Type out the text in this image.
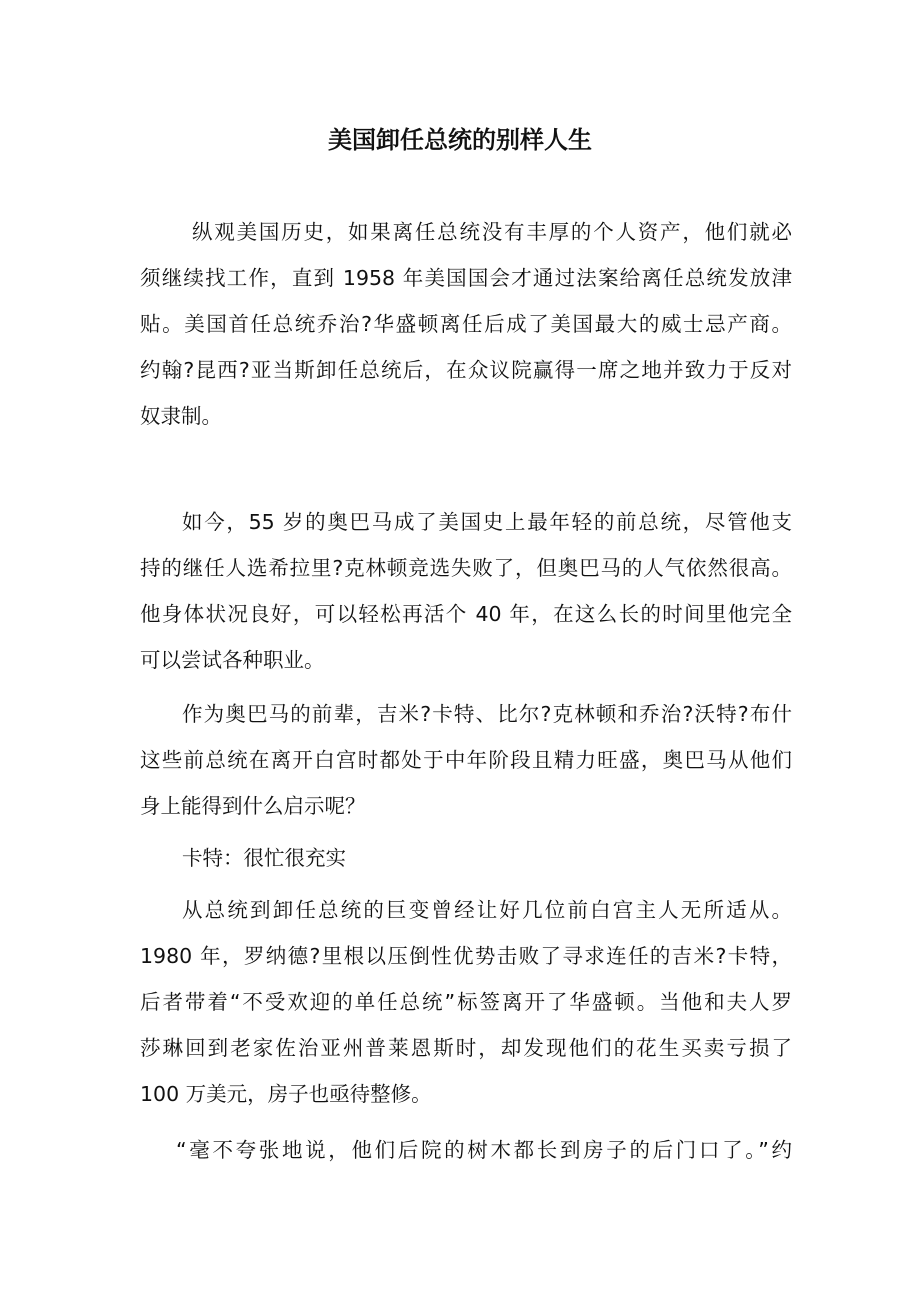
美国卸任总统的别样人生
纵观美国历史，如果离任总统没有丰厚的个人资产，他们就必
须继续找工作，直到 1958 年美国国会才通过法案给离任总统发放津
贴。美国首任总统乔治?华盛顿离任后成了美国最大的威士忌产商。
约翰?昆西?亚当斯卸任总统后，在众议院赢得一席之地并致力于反对
奴隶制。
如今，55 岁的奥巴马成了美国史上最年轻的前总统，尽管他支
持的继任人选希拉里?克林顿竞选失败了，但奥巴马的人气依然很高。
他身体状况良好，可以轻松再活个 40 年，在这么长的时间里他完全
可以尝试各种职业。
作为奥巴马的前辈，吉米?卡特、比尔?克林顿和乔治?沃特?布什
这些前总统在离开白宫时都处于中年阶段且精力旺盛，奥巴马从他们
身上能得到什么启示呢？
卡特：很忙很充实
从总统到卸任总统的巨变曾经让好几位前白宫主人无所适从。
1980 年，罗纳德?里根以压倒性优势击败了寻求连任的吉米?卡特，
后者带着“不受欢迎的单任总统”标签离开了华盛顿。当他和夫人罗
莎琳回到老家佐治亚州普莱恩斯时，却发现他们的花生买卖亏损了
100 万美元，房子也亟待整修。
“毫不夸张地说，他们后院的树木都长到房子的后门口了。”约
